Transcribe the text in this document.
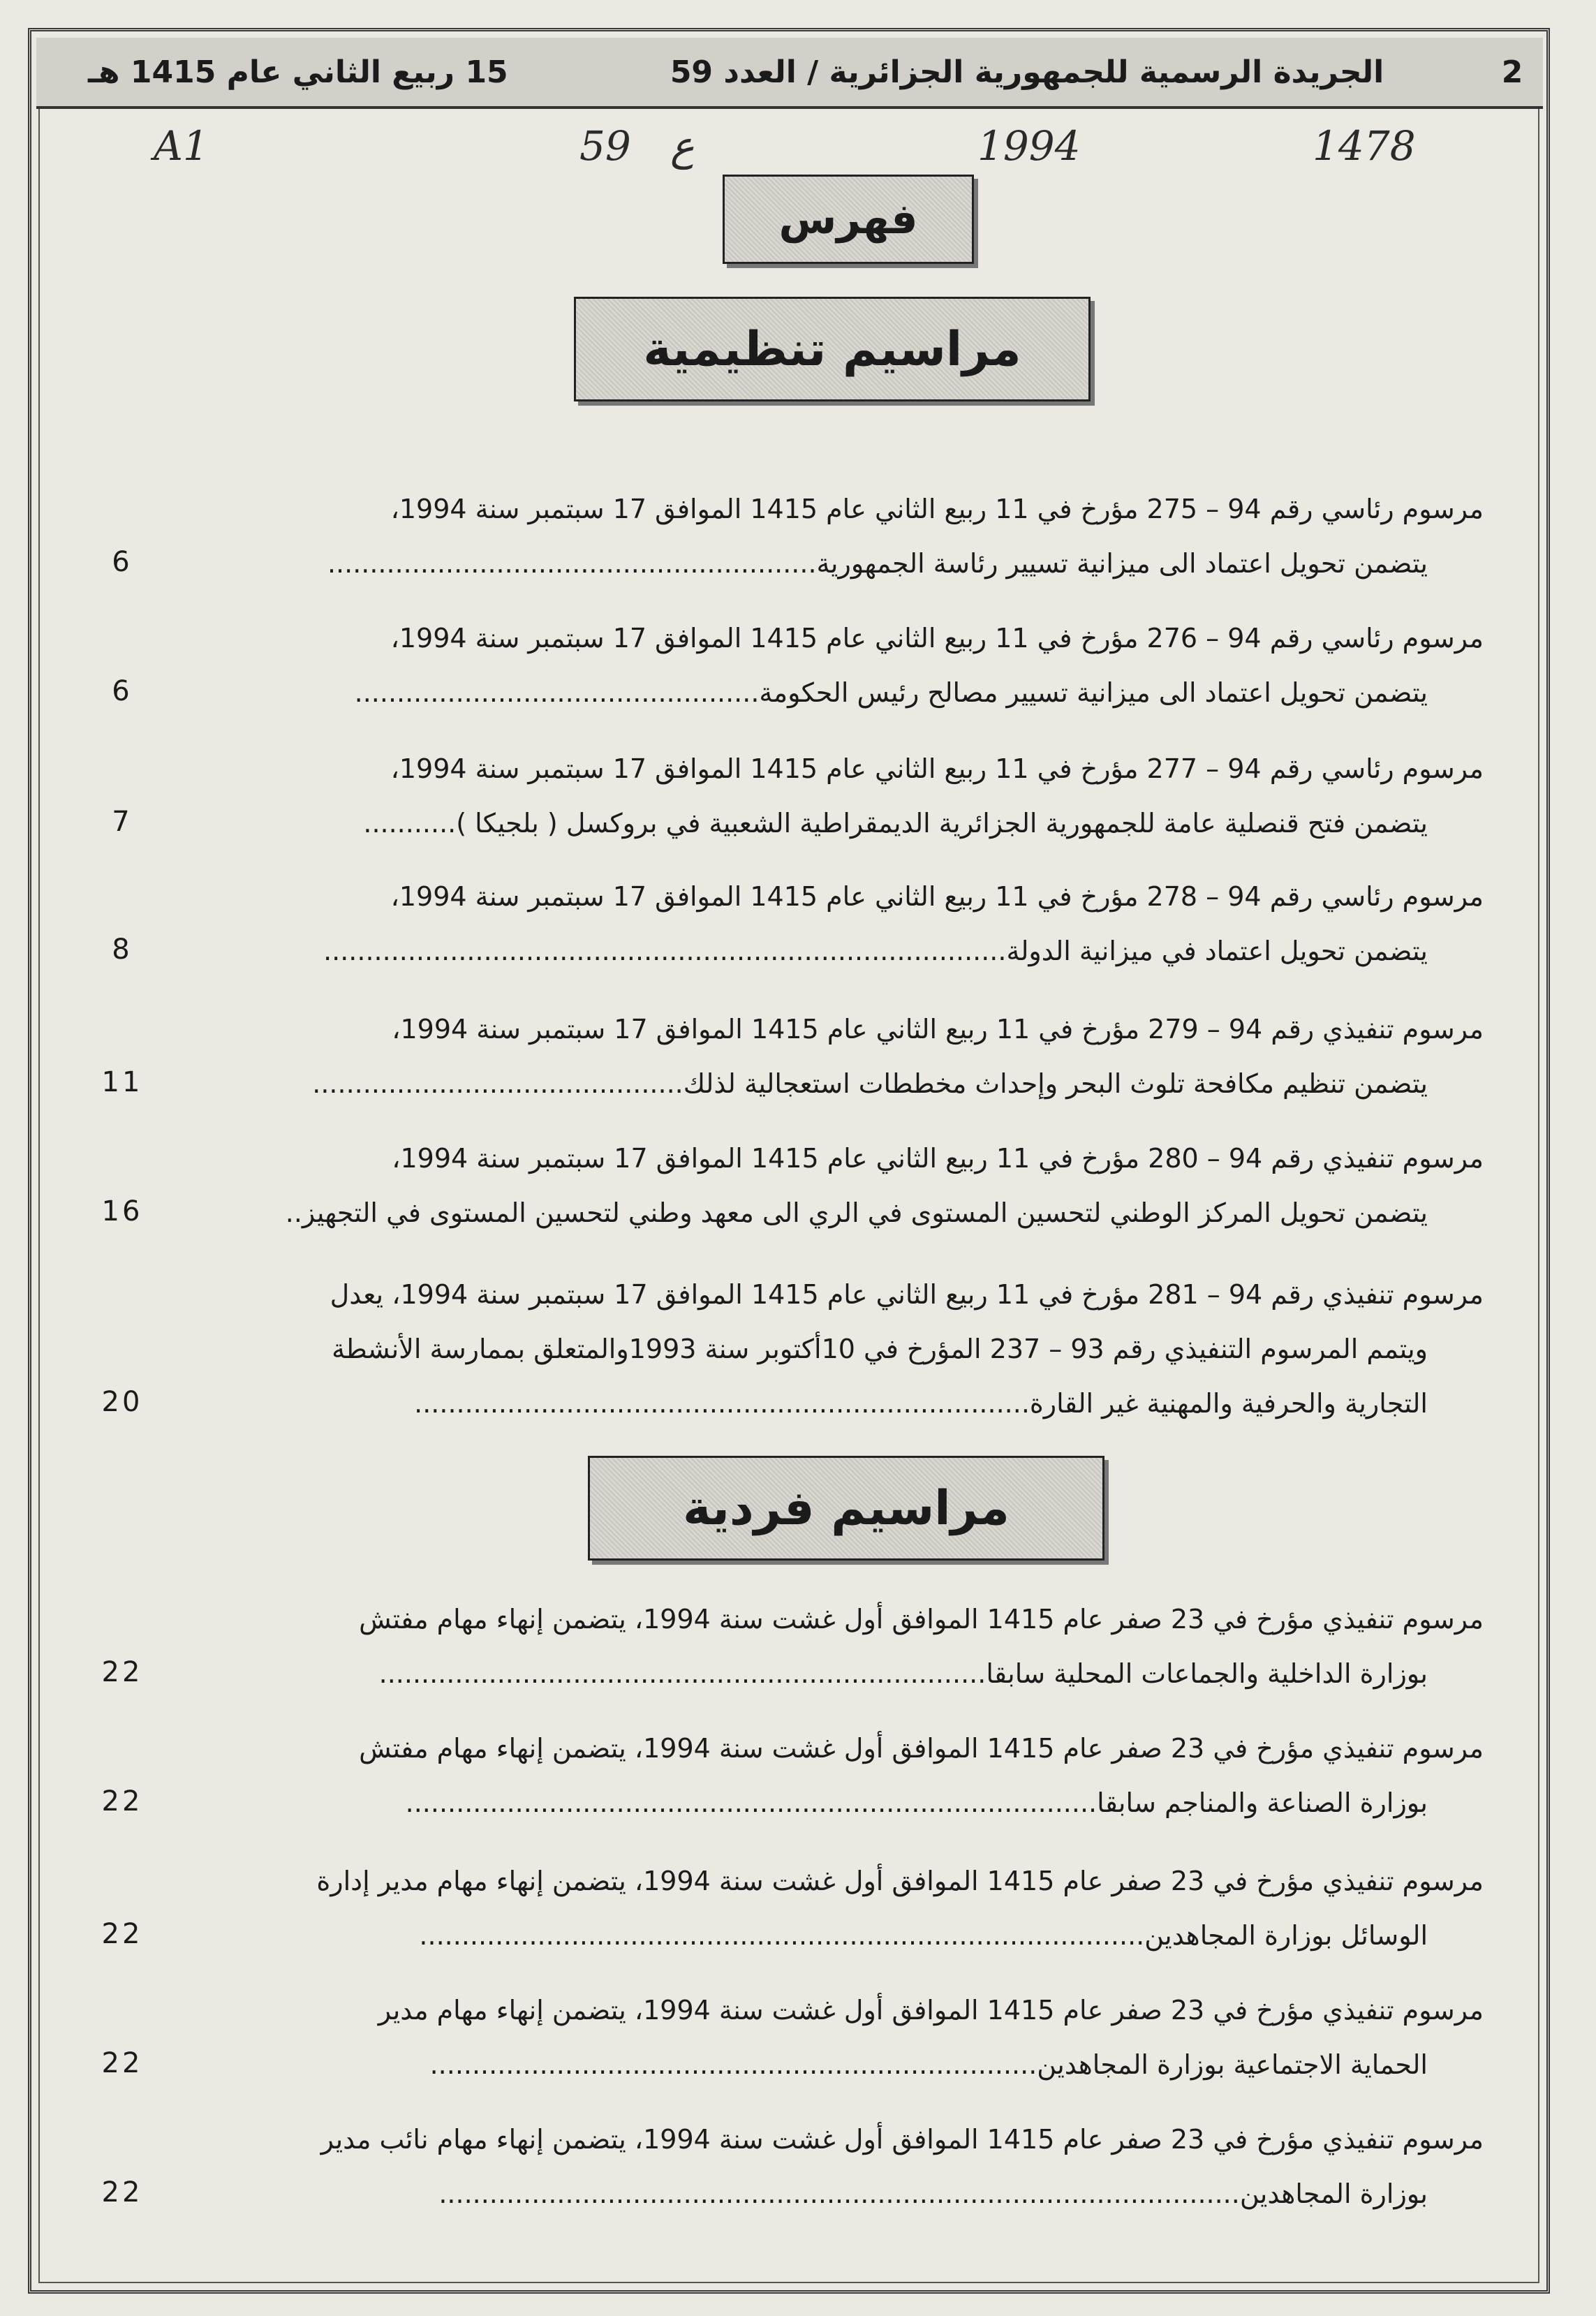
2
الجريدة الرسمية للجمهورية الجزائرية / العدد 59
15 ربيع الثاني عام 1415 هـ
1478
1994
ع
59
A1
فهرس
مراسيم تنظيمية
مرسوم رئاسي رقم 94 – 275 مؤرخ في 11 ربيع الثاني عام 1415 الموافق 17 سبتمبر سنة 1994،
يتضمن تحويل اعتماد الى ميزانية تسيير رئاسة الجمهورية..........................................................
6
مرسوم رئاسي رقم 94 – 276 مؤرخ في 11 ربيع الثاني عام 1415 الموافق 17 سبتمبر سنة 1994،
يتضمن تحويل اعتماد الى ميزانية تسيير مصالح رئيس الحكومة................................................
6
مرسوم رئاسي رقم 94 – 277 مؤرخ في 11 ربيع الثاني عام 1415 الموافق 17 سبتمبر سنة 1994،
يتضمن فتح قنصلية عامة للجمهورية الجزائرية الديمقراطية الشعبية في بروكسل ( بلجيكا )...........
7
مرسوم رئاسي رقم 94 – 278 مؤرخ في 11 ربيع الثاني عام 1415 الموافق 17 سبتمبر سنة 1994،
يتضمن تحويل اعتماد في ميزانية الدولة.................................................................................
8
مرسوم تنفيذي رقم 94 – 279 مؤرخ في 11 ربيع الثاني عام 1415 الموافق 17 سبتمبر سنة 1994،
يتضمن تنظيم مكافحة تلوث البحر وإحداث مخططات استعجالية لذلك............................................
11
مرسوم تنفيذي رقم 94 – 280 مؤرخ في 11 ربيع الثاني عام 1415 الموافق 17 سبتمبر سنة 1994،
يتضمن تحويل المركز الوطني لتحسين المستوى في الري الى معهد وطني لتحسين المستوى في التجهيز..
16
مرسوم تنفيذي رقم 94 – 281 مؤرخ في 11 ربيع الثاني عام 1415 الموافق 17 سبتمبر سنة 1994، يعدل
ويتمم المرسوم التنفيذي رقم 93 – 237 المؤرخ في 10أكتوبر سنة 1993والمتعلق بممارسة الأنشطة
التجارية والحرفية والمهنية غير القارة.........................................................................
20
مراسيم فردية
مرسوم تنفيذي مؤرخ في 23 صفر عام 1415 الموافق أول غشت سنة 1994، يتضمن إنهاء مهام مفتش
بوزارة الداخلية والجماعات المحلية سابقا........................................................................
22
مرسوم تنفيذي مؤرخ في 23 صفر عام 1415 الموافق أول غشت سنة 1994، يتضمن إنهاء مهام مفتش
بوزارة الصناعة والمناجم سابقا..................................................................................
22
مرسوم تنفيذي مؤرخ في 23 صفر عام 1415 الموافق أول غشت سنة 1994، يتضمن إنهاء مهام مدير إدارة
الوسائل بوزارة المجاهدين......................................................................................
22
مرسوم تنفيذي مؤرخ في 23 صفر عام 1415 الموافق أول غشت سنة 1994، يتضمن إنهاء مهام مدير
الحماية الاجتماعية بوزارة المجاهدين........................................................................
22
مرسوم تنفيذي مؤرخ في 23 صفر عام 1415 الموافق أول غشت سنة 1994، يتضمن إنهاء مهام نائب مدير
بوزارة المجاهدين...............................................................................................
22
